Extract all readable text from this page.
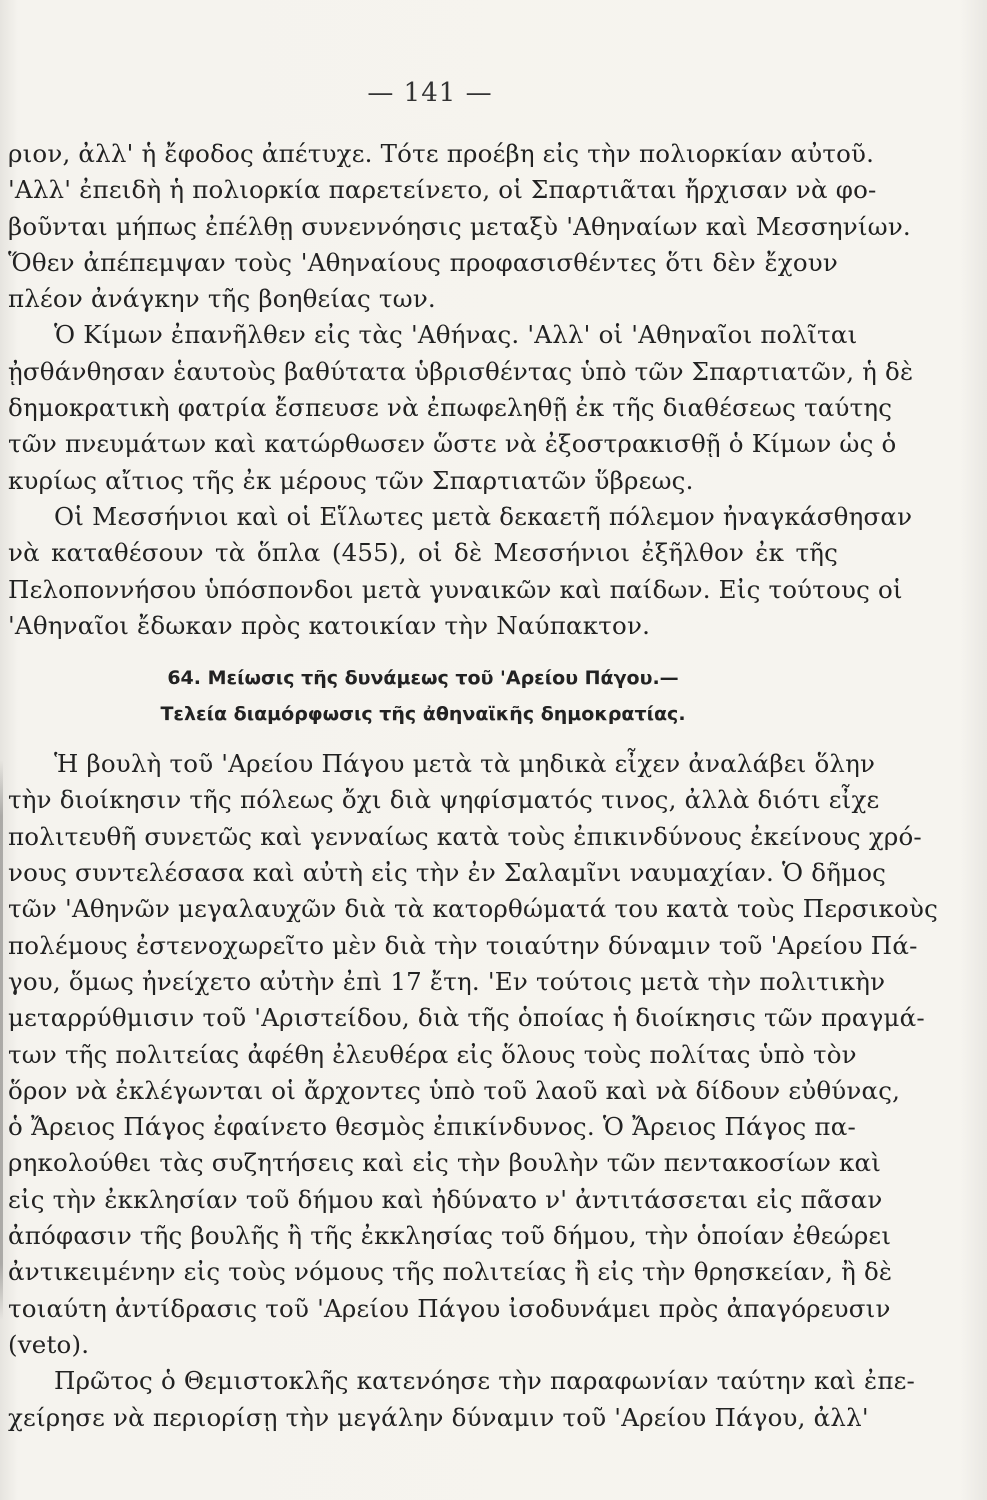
— 141 —
ριον, ἀλλ' ἡ ἔφοδος ἀπέτυχε. Τότε προέβη εἰς τὴν πολιορκίαν αὐτοῦ.
'Αλλ' ἐπειδὴ ἡ πολιορκία παρετείνετο, οἱ Σπαρτιᾶται ἤρχισαν νὰ φο-
βοῦνται μήπως ἐπέλθῃ συνεννόησις μεταξὺ 'Αθηναίων καὶ Μεσσηνίων.
Ὅθεν ἀπέπεμψαν τοὺς 'Αθηναίους προφασισθέντες ὅτι δὲν ἔχουν
πλέον ἀνάγκην τῆς βοηθείας των.
Ὁ Κίμων ἐπανῆλθεν εἰς τὰς 'Αθήνας. 'Αλλ' οἱ 'Αθηναῖοι πολῖται
ᾐσθάνθησαν ἑαυτοὺς βαθύτατα ὑβρισθέντας ὑπὸ τῶν Σπαρτιατῶν, ἡ δὲ
δημοκρατικὴ φατρία ἔσπευσε νὰ ἐπωφεληθῇ ἐκ τῆς διαθέσεως ταύτης
τῶν πνευμάτων καὶ κατώρθωσεν ὥστε νὰ ἐξοστρακισθῇ ὁ Κίμων ὡς ὁ
κυρίως αἴτιος τῆς ἐκ μέρους τῶν Σπαρτιατῶν ὕβρεως.
Οἱ Μεσσήνιοι καὶ οἱ Εἵλωτες μετὰ δεκαετῆ πόλεμον ἠναγκάσθησαν
νὰ καταθέσουν τὰ ὅπλα (455), οἱ δὲ Μεσσήνιοι ἐξῆλθον ἐκ τῆς
Πελοποννήσου ὑπόσπονδοι μετὰ γυναικῶν καὶ παίδων. Εἰς τούτους οἱ
'Αθηναῖοι ἔδωκαν πρὸς κατοικίαν τὴν Ναύπακτον.
64. Μείωσις τῆς δυνάμεως τοῦ 'Αρείου Πάγου.—
Τελεία διαμόρφωσις τῆς ἀθηναϊκῆς δημοκρατίας.
Ἡ βουλὴ τοῦ 'Αρείου Πάγου μετὰ τὰ μηδικὰ εἶχεν ἀναλάβει ὅλην
τὴν διοίκησιν τῆς πόλεως ὄχι διὰ ψηφίσματός τινος, ἀλλὰ διότι εἶχε
πολιτευθῆ συνετῶς καὶ γενναίως κατὰ τοὺς ἐπικινδύνους ἐκείνους χρό-
νους συντελέσασα καὶ αὐτὴ εἰς τὴν ἐν Σαλαμῖνι ναυμαχίαν. Ὁ δῆμος
τῶν 'Αθηνῶν μεγαλαυχῶν διὰ τὰ κατορθώματά του κατὰ τοὺς Περσικοὺς
πολέμους ἐστενοχωρεῖτο μὲν διὰ τὴν τοιαύτην δύναμιν τοῦ 'Αρείου Πά-
γου, ὅμως ἠνείχετο αὐτὴν ἐπὶ 17 ἔτη. 'Εν τούτοις μετὰ τὴν πολιτικὴν
μεταρρύθμισιν τοῦ 'Αριστείδου, διὰ τῆς ὁποίας ἡ διοίκησις τῶν πραγμά-
των τῆς πολιτείας ἀφέθη ἐλευθέρα εἰς ὅλους τοὺς πολίτας ὑπὸ τὸν
ὅρον νὰ ἐκλέγωνται οἱ ἄρχοντες ὑπὸ τοῦ λαοῦ καὶ νὰ δίδουν εὐθύνας,
ὁ Ἄρειος Πάγος ἐφαίνετο θεσμὸς ἐπικίνδυνος. Ὁ Ἄρειος Πάγος πα-
ρηκολούθει τὰς συζητήσεις καὶ εἰς τὴν βουλὴν τῶν πεντακοσίων καὶ
εἰς τὴν ἐκκλησίαν τοῦ δήμου καὶ ἠδύνατο ν' ἀντιτάσσεται εἰς πᾶσαν
ἀπόφασιν τῆς βουλῆς ἢ τῆς ἐκκλησίας τοῦ δήμου, τὴν ὁποίαν ἐθεώρει
ἀντικειμένην εἰς τοὺς νόμους τῆς πολιτείας ἢ εἰς τὴν θρησκείαν, ἢ δὲ
τοιαύτη ἀντίδρασις τοῦ 'Αρείου Πάγου ἰσοδυνάμει πρὸς ἀπαγόρευσιν
(veto).
Πρῶτος ὁ Θεμιστοκλῆς κατενόησε τὴν παραφωνίαν ταύτην καὶ ἐπε-
χείρησε νὰ περιορίσῃ τὴν μεγάλην δύναμιν τοῦ 'Αρείου Πάγου, ἀλλ'
